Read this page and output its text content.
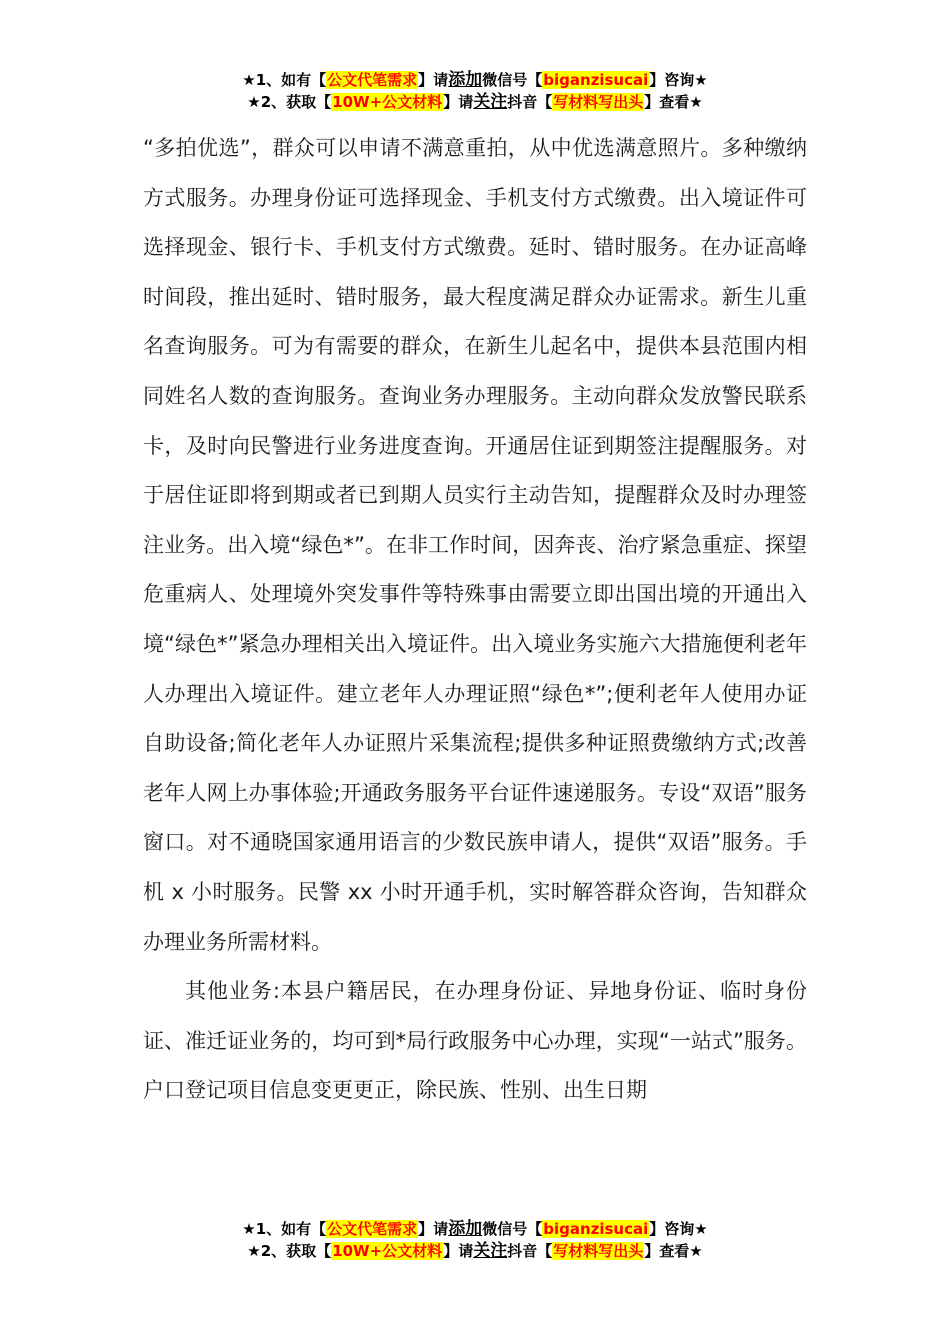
★1、如有【公文代笔需求】请添加微信号【biganzisucai】咨询★
★2、获取【10W+公文材料】请关注抖音【写材料写出头】查看★

“多拍优选”，群众可以申请不满意重拍，从中优选满意照片。多种缴纳方式服务。办理身份证可选择现金、手机支付方式缴费。出入境证件可选择现金、银行卡、手机支付方式缴费。延时、错时服务。在办证高峰时间段，推出延时、错时服务，最大程度满足群众办证需求。新生儿重名查询服务。可为有需要的群众，在新生儿起名中，提供本县范围内相同姓名人数的查询服务。查询业务办理服务。主动向群众发放警民联系卡，及时向民警进行业务进度查询。开通居住证到期签注提醒服务。对于居住证即将到期或者已到期人员实行主动告知，提醒群众及时办理签注业务。出入境“绿色*”。在非工作时间，因奔丧、治疗紧急重症、探望危重病人、处理境外突发事件等特殊事由需要立即出国出境的开通出入境“绿色*”紧急办理相关出入境证件。出入境业务实施六大措施便利老年人办理出入境证件。建立老年人办理证照“绿色*”;便利老年人使用办证自助设备;简化老年人办证照片采集流程;提供多种证照费缴纳方式;改善老年人网上办事体验;开通政务服务平台证件速递服务。专设“双语”服务窗口。对不通晓国家通用语言的少数民族申请人，提供“双语”服务。手机 x 小时服务。民警 xx 小时开通手机，实时解答群众咨询，告知群众办理业务所需材料。

其他业务:本县户籍居民，在办理身份证、异地身份证、临时身份证、准迁证业务的，均可到*局行政服务中心办理，实现“一站式”服务。户口登记项目信息变更更正，除民族、性别、出生日期

★1、如有【公文代笔需求】请添加微信号【biganzisucai】咨询★
★2、获取【10W+公文材料】请关注抖音【写材料写出头】查看★
